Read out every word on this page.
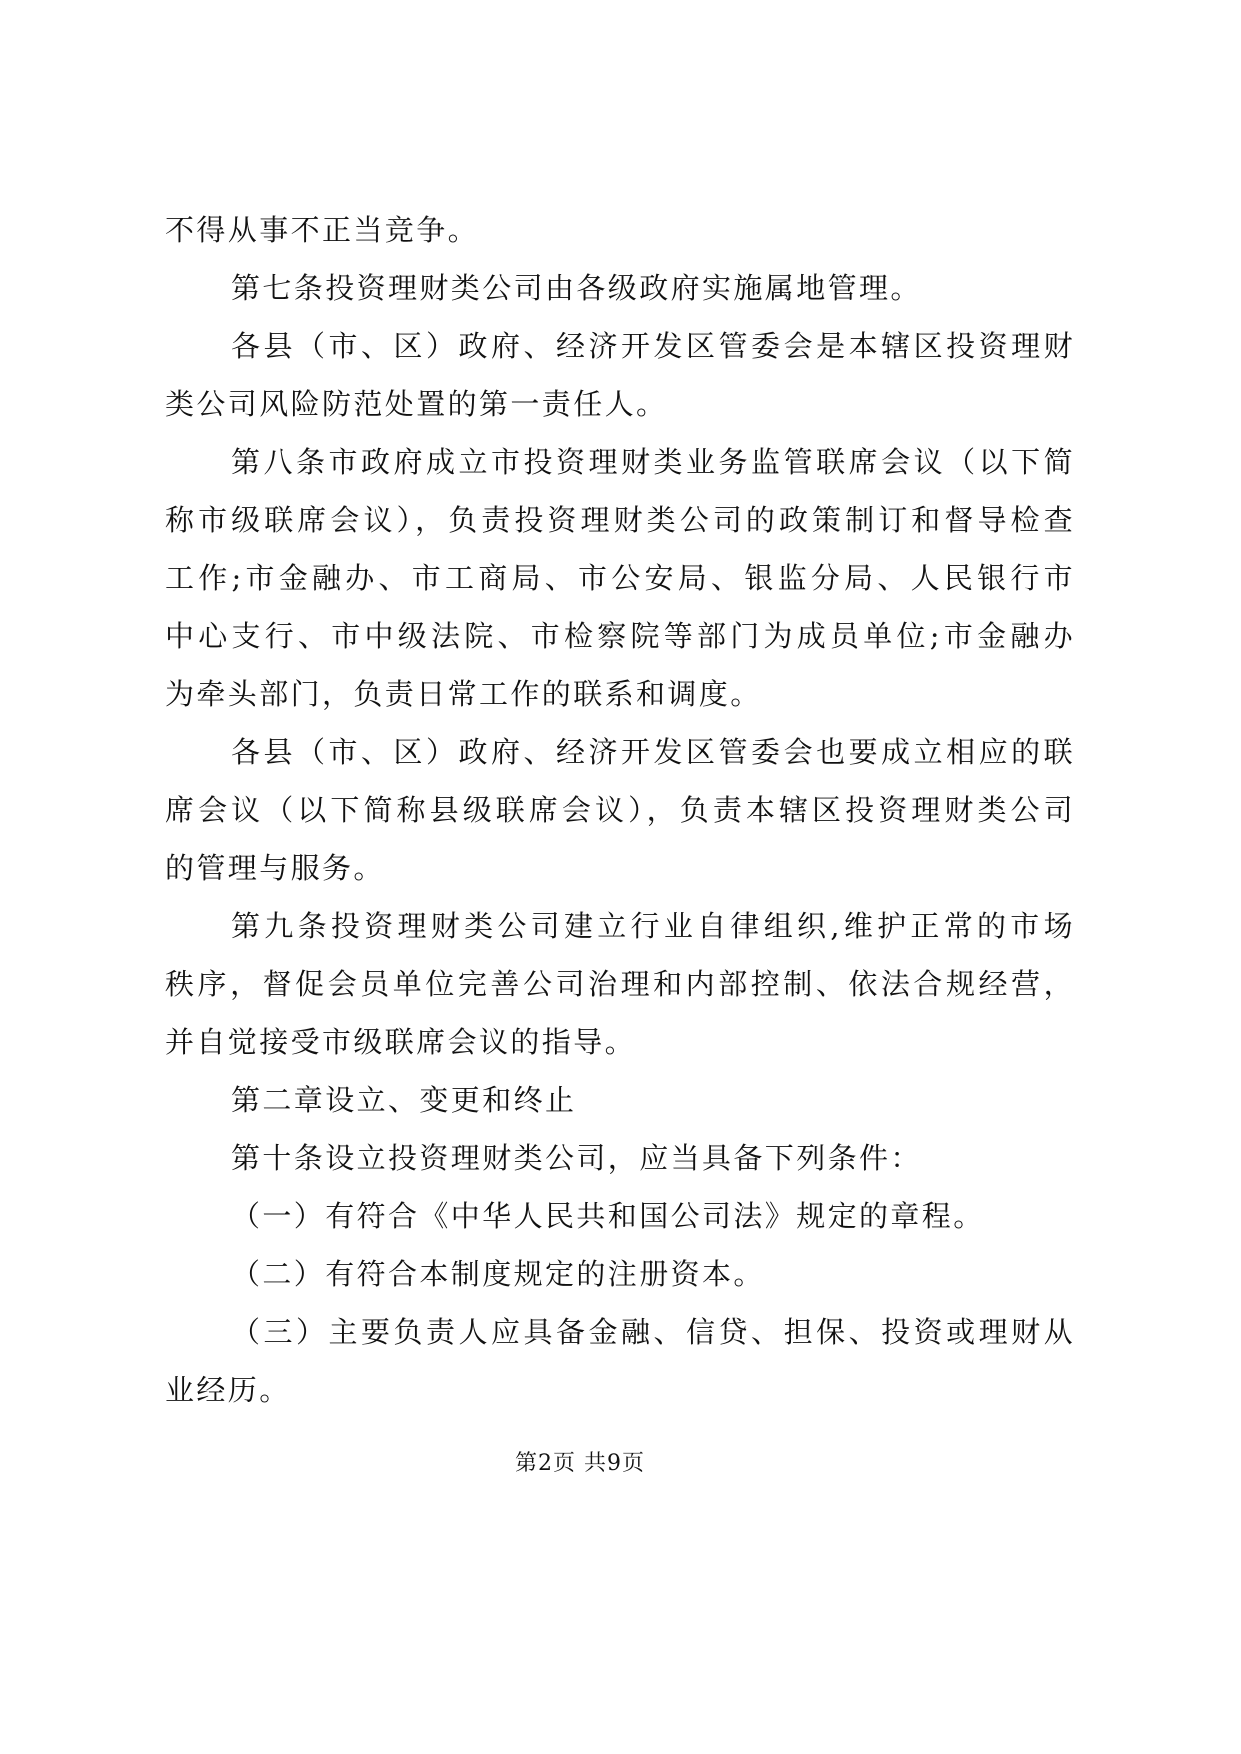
不得从事不正当竞争。
第七条投资理财类公司由各级政府实施属地管理。
各县（市、区）政府、经济开发区管委会是本辖区投资理财
类公司风险防范处置的第一责任人。
第八条市政府成立市投资理财类业务监管联席会议（以下简
称市级联席会议），负责投资理财类公司的政策制订和督导检查
工作;市金融办、市工商局、市公安局、银监分局、人民银行市
中心支行、市中级法院、市检察院等部门为成员单位;市金融办
为牵头部门，负责日常工作的联系和调度。
各县（市、区）政府、经济开发区管委会也要成立相应的联
席会议（以下简称县级联席会议），负责本辖区投资理财类公司
的管理与服务。
第九条投资理财类公司建立行业自律组织,维护正常的市场
秩序，督促会员单位完善公司治理和内部控制、依法合规经营，
并自觉接受市级联席会议的指导。
第二章设立、变更和终止
第十条设立投资理财类公司，应当具备下列条件：
（一）有符合《中华人民共和国公司法》规定的章程。
（二）有符合本制度规定的注册资本。
（三）主要负责人应具备金融、信贷、担保、投资或理财从
业经历。
第2页 共9页
